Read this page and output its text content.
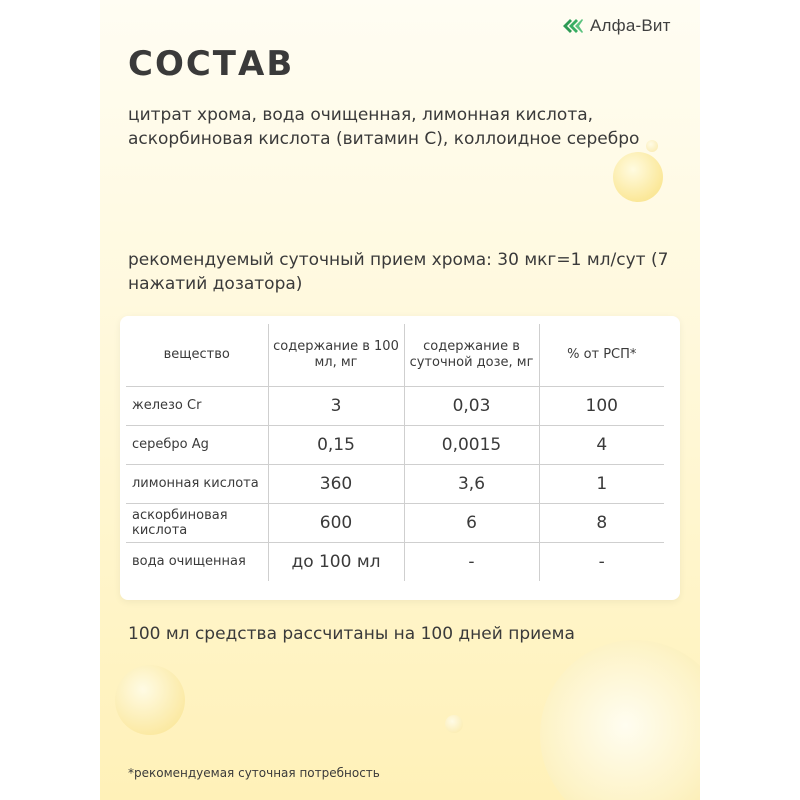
Алфа-Вит
СОСТАВ

цитрат хрома, вода очищенная, лимонная кислота, аскорбиновая кислота (витамин С), коллоидное серебро

рекомендуемый суточный прием хрома: 30 мкг=1 мл/сут (7 нажатий дозатора)

вещество	содержание в 100 мл, мг	содержание в суточной дозе, мг	% от РСП*
железо Cr	3	0,03	100
серебро Ag	0,15	0,0015	4
лимонная кислота	360	3,6	1
аскорбиновая кислота	600	6	8
вода очищенная	до 100 мл	-	-

100 мл средства рассчитаны на 100 дней приема

*рекомендуемая суточная потребность
